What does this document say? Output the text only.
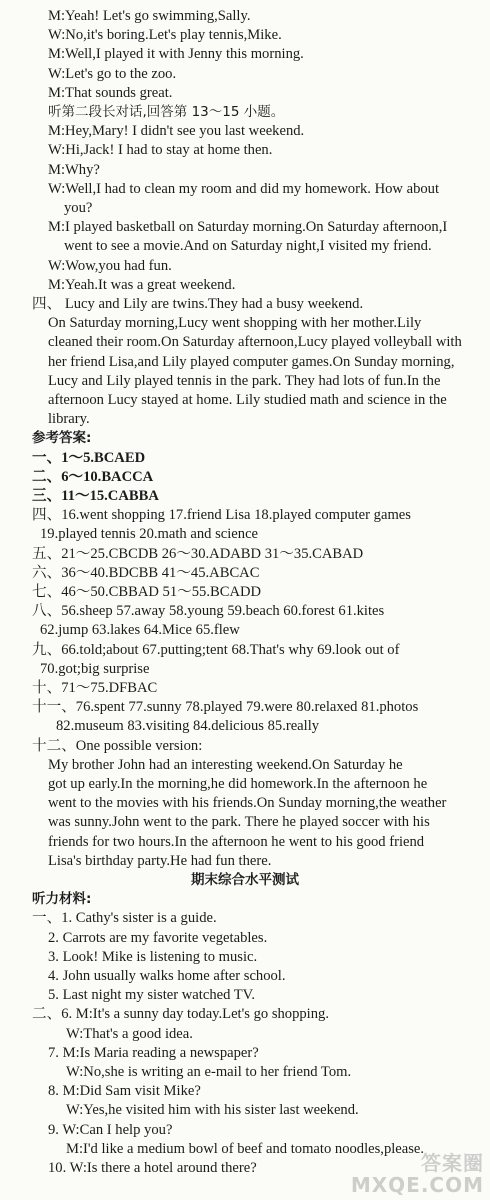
M:Yeah! Let's go swimming,Sally.
W:No,it's boring.Let's play tennis,Mike.
M:Well,I played it with Jenny this morning.
W:Let's go to the zoo.
M:That sounds great.
听第二段长对话,回答第 13～15 小题。
M:Hey,Mary! I didn't see you last weekend.
W:Hi,Jack! I had to stay at home then.
M:Why?
W:Well,I had to clean my room and did my homework. How about
you?
M:I played basketball on Saturday morning.On Saturday afternoon,I
went to see a movie.And on Saturday night,I visited my friend.
W:Wow,you had fun.
M:Yeah.It was a great weekend.
四、 Lucy and Lily are twins.They had a busy weekend.
On Saturday morning,Lucy went shopping with her mother.Lily
cleaned their room.On Saturday afternoon,Lucy played volleyball with
her friend Lisa,and Lily played computer games.On Sunday morning,
Lucy and Lily played tennis in the park. They had lots of fun.In the
afternoon Lucy stayed at home. Lily studied math and science in the
library.
参考答案:
一、1～5.BCAED
二、6～10.BACCA
三、11～15.CABBA
四、16.went shopping 17.friend Lisa 18.played computer games
19.played tennis 20.math and science
五、21～25.CBCDB 26～30.ADABD 31～35.CABAD
六、36～40.BDCBB 41～45.ABCAC
七、46～50.CBBAD 51～55.BCADD
八、56.sheep 57.away 58.young 59.beach 60.forest 61.kites
62.jump 63.lakes 64.Mice 65.flew
九、66.told;about 67.putting;tent 68.That's why 69.look out of
70.got;big surprise
十、71～75.DFBAC
十一、76.spent 77.sunny 78.played 79.were 80.relaxed 81.photos
82.museum 83.visiting 84.delicious 85.really
十二、One possible version:
My brother John had an interesting weekend.On Saturday he
got up early.In the morning,he did homework.In the afternoon he
went to the movies with his friends.On Sunday morning,the weather
was sunny.John went to the park. There he played soccer with his
friends for two hours.In the afternoon he went to his good friend
Lisa's birthday party.He had fun there.
期末综合水平测试
听力材料:
一、1. Cathy's sister is a guide.
2. Carrots are my favorite vegetables.
3. Look! Mike is listening to music.
4. John usually walks home after school.
5. Last night my sister watched TV.
二、6. M:It's a sunny day today.Let's go shopping.
W:That's a good idea.
7. M:Is Maria reading a newspaper?
W:No,she is writing an e-mail to her friend Tom.
8. M:Did Sam visit Mike?
W:Yes,he visited him with his sister last weekend.
9. W:Can I help you?
M:I'd like a medium bowl of beef and tomato noodles,please.
10. W:Is there a hotel around there?	答案圈
MXQE.COM
